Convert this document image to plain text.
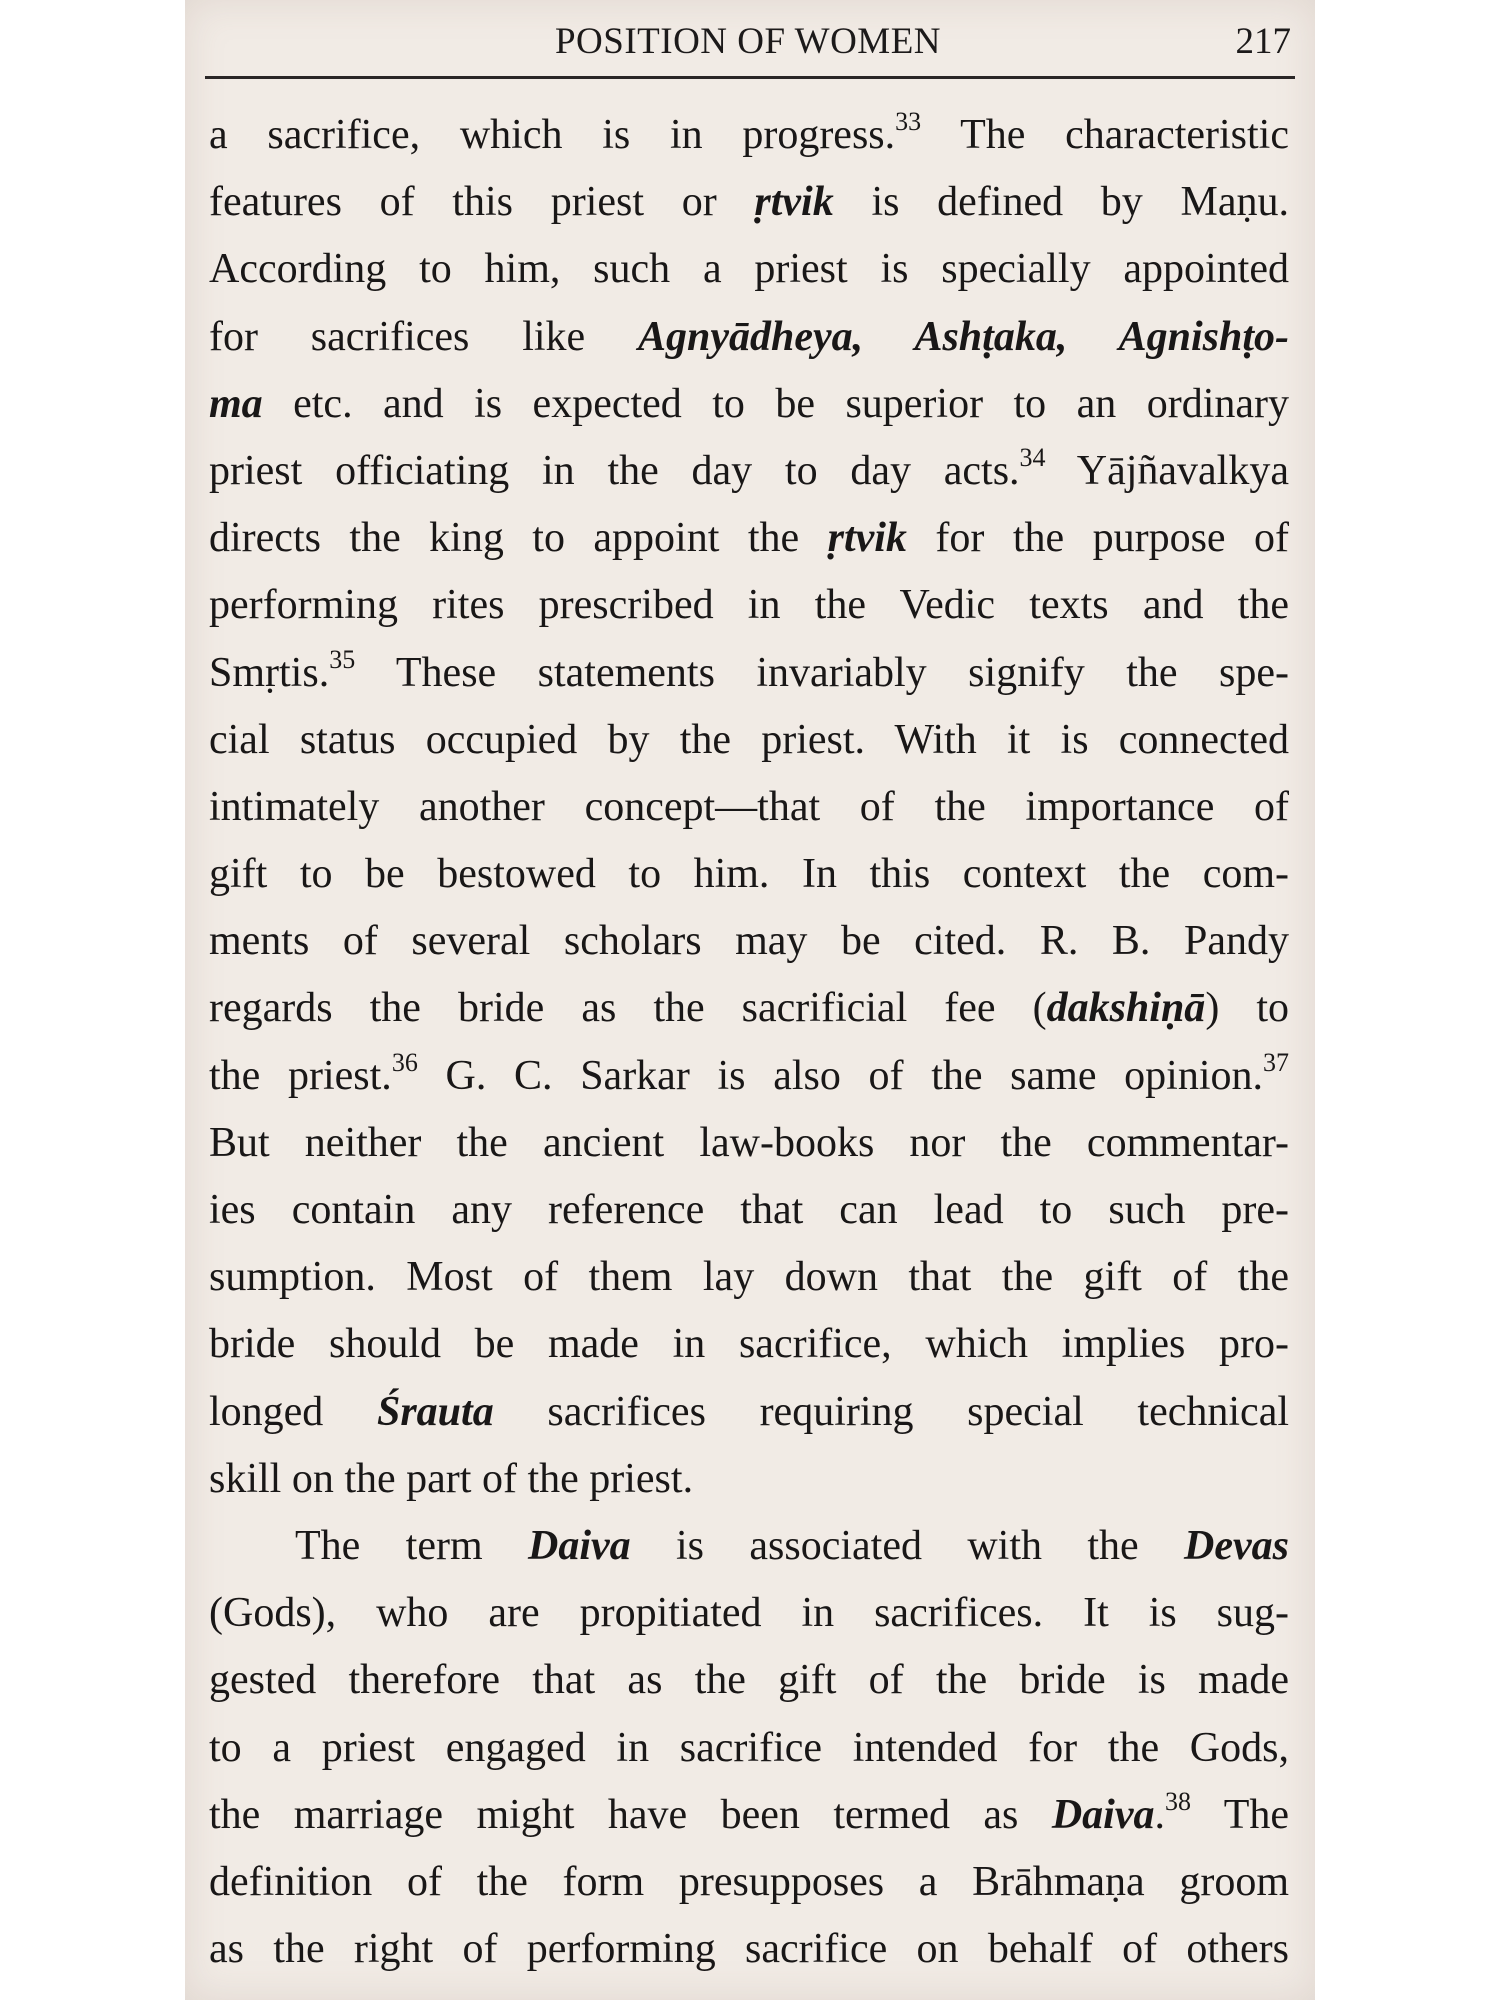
POSITION OF WOMEN	217
a sacrifice, which is in progress.$^{33}$ The characteristic
features of this priest or ṛtvik is defined by Maṇu.
According to him, such a priest is specially appointed
for sacrifices like Agnyādheya, Ashṭaka, Agnishṭo-
ma etc. and is expected to be superior to an ordinary
priest officiating in the day to day acts.$^{34}$ Yājñavalkya
directs the king to appoint the ṛtvik for the purpose of
performing rites prescribed in the Vedic texts and the
Smṛtis.$^{35}$ These statements invariably signify the spe-
cial status occupied by the priest. With it is connected
intimately another concept—that of the importance of
gift to be bestowed to him. In this context the com-
ments of several scholars may be cited. R. B. Pandy
regards the bride as the sacrificial fee (dakshiṇā) to
the priest.$^{36}$ G. C. Sarkar is also of the same opinion.$^{37}$
But neither the ancient law-books nor the commentar-
ies contain any reference that can lead to such pre-
sumption. Most of them lay down that the gift of the
bride should be made in sacrifice, which implies pro-
longed Śrauta sacrifices requiring special technical
skill on the part of the priest.
The term Daiva is associated with the Devas
(Gods), who are propitiated in sacrifices. It is sug-
gested therefore that as the gift of the bride is made
to a priest engaged in sacrifice intended for the Gods,
the marriage might have been termed as Daiva.$^{38}$ The
definition of the form presupposes a Brāhmaṇa groom
as the right of performing sacrifice on behalf of others
